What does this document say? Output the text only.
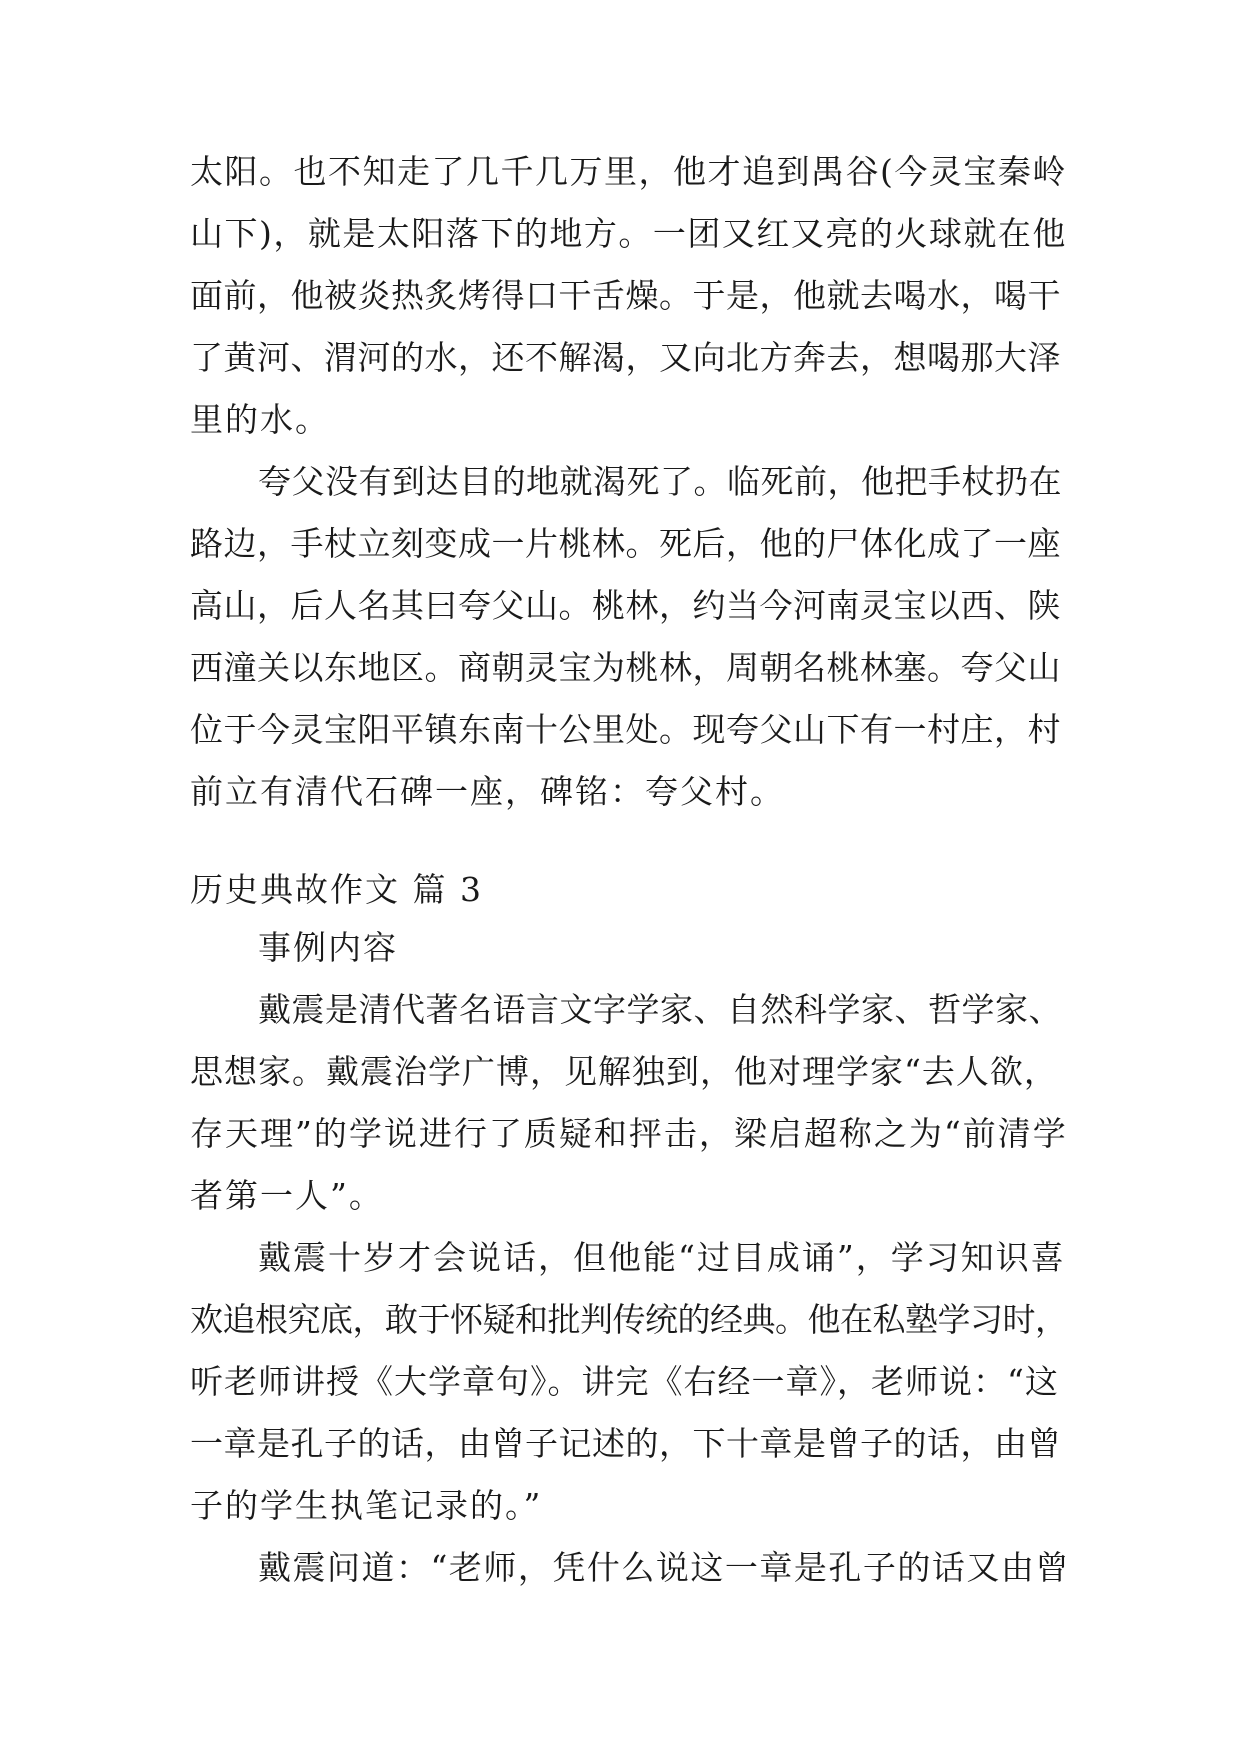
太阳。也不知走了几千几万里，他才追到禺谷(今灵宝秦岭
山下)，就是太阳落下的地方。一团又红又亮的火球就在他
面前，他被炎热炙烤得口干舌燥。于是，他就去喝水，喝干
了黄河、渭河的水，还不解渴，又向北方奔去，想喝那大泽
里的水。
夸父没有到达目的地就渴死了。临死前，他把手杖扔在
路边，手杖立刻变成一片桃林。死后，他的尸体化成了一座
高山，后人名其曰夸父山。桃林，约当今河南灵宝以西、陕
西潼关以东地区。商朝灵宝为桃林，周朝名桃林塞。夸父山
位于今灵宝阳平镇东南十公里处。现夸父山下有一村庄，村
前立有清代石碑一座，碑铭：夸父村。
历史典故作文 篇 3
事例内容
戴震是清代著名语言文字学家、自然科学家、哲学家、
思想家。戴震治学广博，见解独到，他对理学家“去人欲，
存天理”的学说进行了质疑和抨击，梁启超称之为“前清学
者第一人”。
戴震十岁才会说话，但他能“过目成诵”，学习知识喜
欢追根究底，敢于怀疑和批判传统的经典。他在私塾学习时，
听老师讲授《大学章句》。讲完《右经一章》，老师说：“这
一章是孔子的话，由曾子记述的，下十章是曾子的话，由曾
子的学生执笔记录的。”
戴震问道：“老师，凭什么说这一章是孔子的话又由曾
